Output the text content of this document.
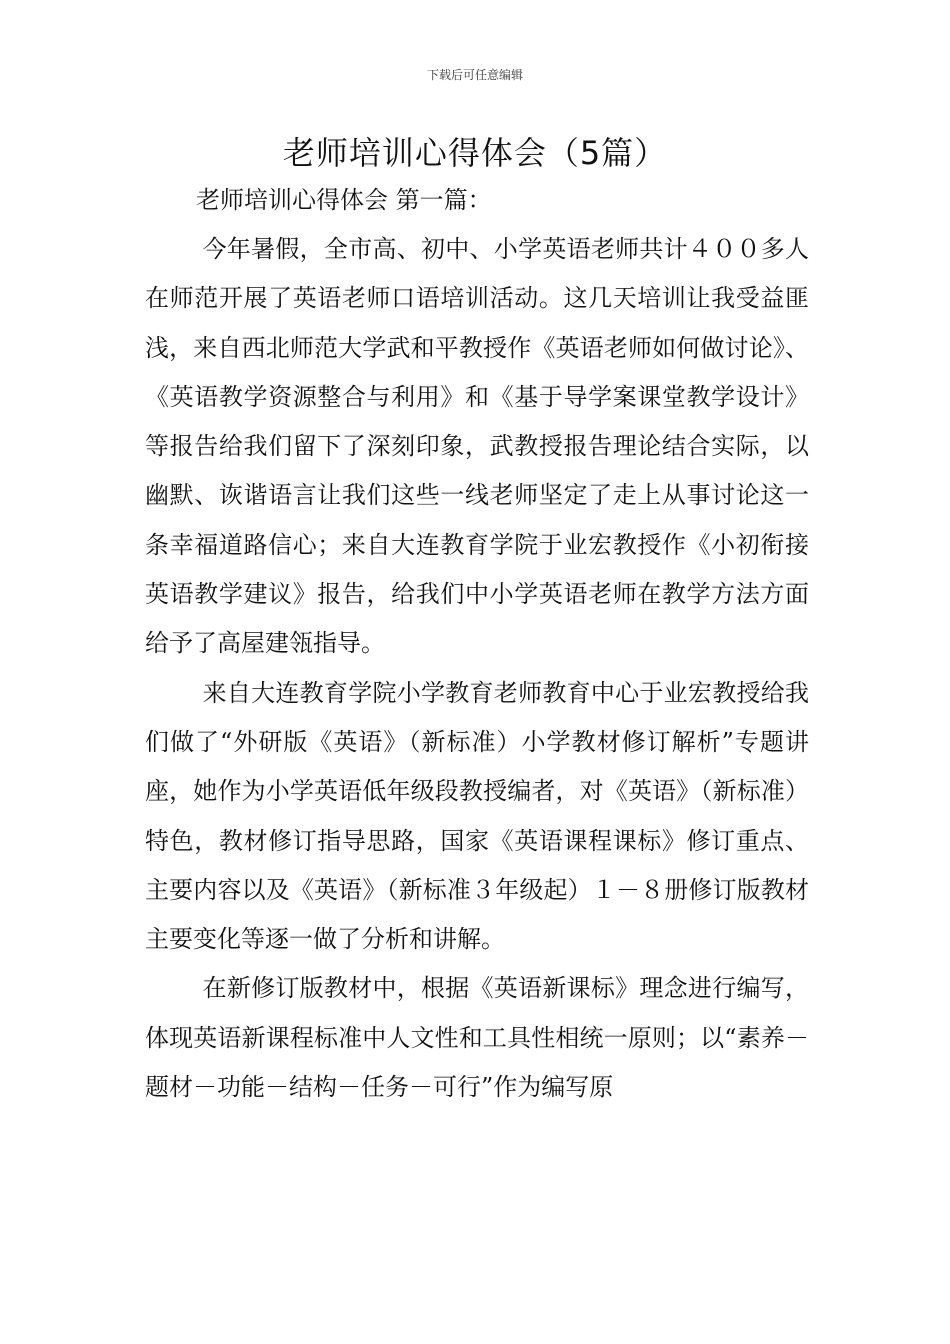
下载后可任意编辑
老师培训心得体会（5篇）
老师培训心得体会 第一篇：

今年暑假，全市高、初中、小学英语老师共计４００多人在师范开展了英语老师口语培训活动。这几天培训让我受益匪浅，来自西北师范大学武和平教授作《英语老师如何做讨论》、《英语教学资源整合与利用》和《基于导学案课堂教学设计》等报告给我们留下了深刻印象，武教授报告理论结合实际，以幽默、诙谐语言让我们这些一线老师坚定了走上从事讨论这一条幸福道路信心；来自大连教育学院于业宏教授作《小初衔接英语教学建议》报告，给我们中小学英语老师在教学方法方面给予了高屋建瓴指导。

来自大连教育学院小学教育老师教育中心于业宏教授给我们做了“外研版《英语》（新标准）小学教材修订解析”专题讲座，她作为小学英语低年级段教授编者，对《英语》（新标准）特色，教材修订指导思路，国家《英语课程课标》修订重点、主要内容以及《英语》（新标准３年级起）１－８册修订版教材主要变化等逐一做了分析和讲解。

在新修订版教材中，根据《英语新课标》理念进行编写，体现英语新课程标准中人文性和工具性相统一原则；以“素养－题材－功能－结构－任务－可行”作为编写原
